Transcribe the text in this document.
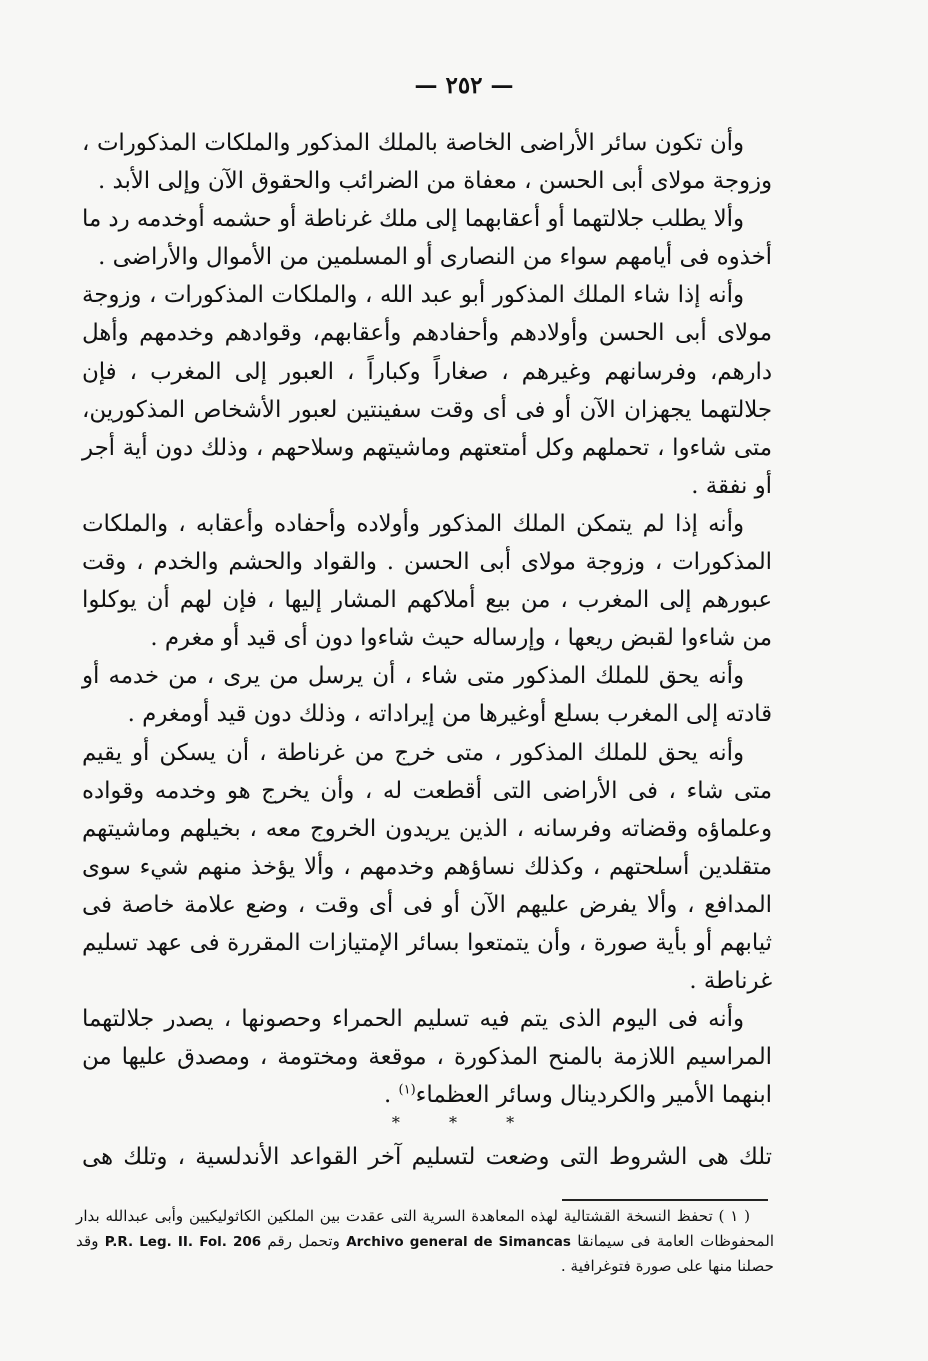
— ٢٥٢ —

وأن تكون سائر الأراضى الخاصة بالملك المذكور والملكات المذكورات ، وزوجة مولاى أبى الحسن ، معفاة من الضرائب والحقوق الآن وإلى الأبد .

وألا يطلب جلالتهما أو أعقابهما إلى ملك غرناطة أو حشمه أوخدمه رد ما أخذوه فى أيامهم سواء من النصارى أو المسلمين من الأموال والأراضى .

وأنه إذا شاء الملك المذكور أبو عبد الله ، والملكات المذكورات ، وزوجة مولاى أبى الحسن وأولادهم وأحفادهم وأعقابهم، وقوادهم وخدمهم وأهل دارهم، وفرسانهم وغيرهم ، صغاراً وكباراً ، العبور إلى المغرب ، فإن جلالتهما يجهزان الآن أو فى أى وقت سفينتين لعبور الأشخاص المذكورين، متى شاءوا ، تحملهم وكل أمتعتهم وماشيتهم وسلاحهم ، وذلك دون أية أجر أو نفقة .

وأنه إذا لم يتمكن الملك المذكور وأولاده وأحفاده وأعقابه ، والملكات المذكورات ، وزوجة مولاى أبى الحسن . والقواد والحشم والخدم ، وقت عبورهم إلى المغرب ، من بيع أملاكهم المشار إليها ، فإن لهم أن يوكلوا من شاءوا لقبض ريعها ، وإرساله حيث شاءوا دون أى قيد أو مغرم .

وأنه يحق للملك المذكور متى شاء ، أن يرسل من يرى ، من خدمه أو قادته إلى المغرب بسلع أوغيرها من إيراداته ، وذلك دون قيد أومغرم .

وأنه يحق للملك المذكور ، متى خرج من غرناطة ، أن يسكن أو يقيم متى شاء ، فى الأراضى التى أقطعت له ، وأن يخرج هو وخدمه وقواده وعلماؤه وقضاته وفرسانه ، الذين يريدون الخروج معه ، بخيلهم وماشيتهم متقلدين أسلحتهم ، وكذلك نساؤهم وخدمهم ، وألا يؤخذ منهم شيء سوى المدافع ، وألا يفرض عليهم الآن أو فى أى وقت ، وضع علامة خاصة فى ثيابهم أو بأية صورة ، وأن يتمتعوا بسائر الإمتيازات المقررة فى عهد تسليم غرناطة .

وأنه فى اليوم الذى يتم فيه تسليم الحمراء وحصونها ، يصدر جلالتهما المراسيم اللازمة بالمنح المذكورة ، موقعة ومختومة ، ومصدق عليها من ابنهما الأمير والكردينال وسائر العظماء$^{(١)}$ .

* * *
تلك هى الشروط التى وضعت لتسليم آخر القواعد الأندلسية ، وتلك هى

( ١ ) تحفظ النسخة القشتالية لهذه المعاهدة السرية التى عقدت بين الملكين الكاثوليكيين وأبى عبدالله بدار المحفوظات العامة فى سيمانقا Archivo general de Simancas وتحمل رقم P.R. Leg. II. Fol. 206 وقد حصلنا منها على صورة فتوغرافية .
